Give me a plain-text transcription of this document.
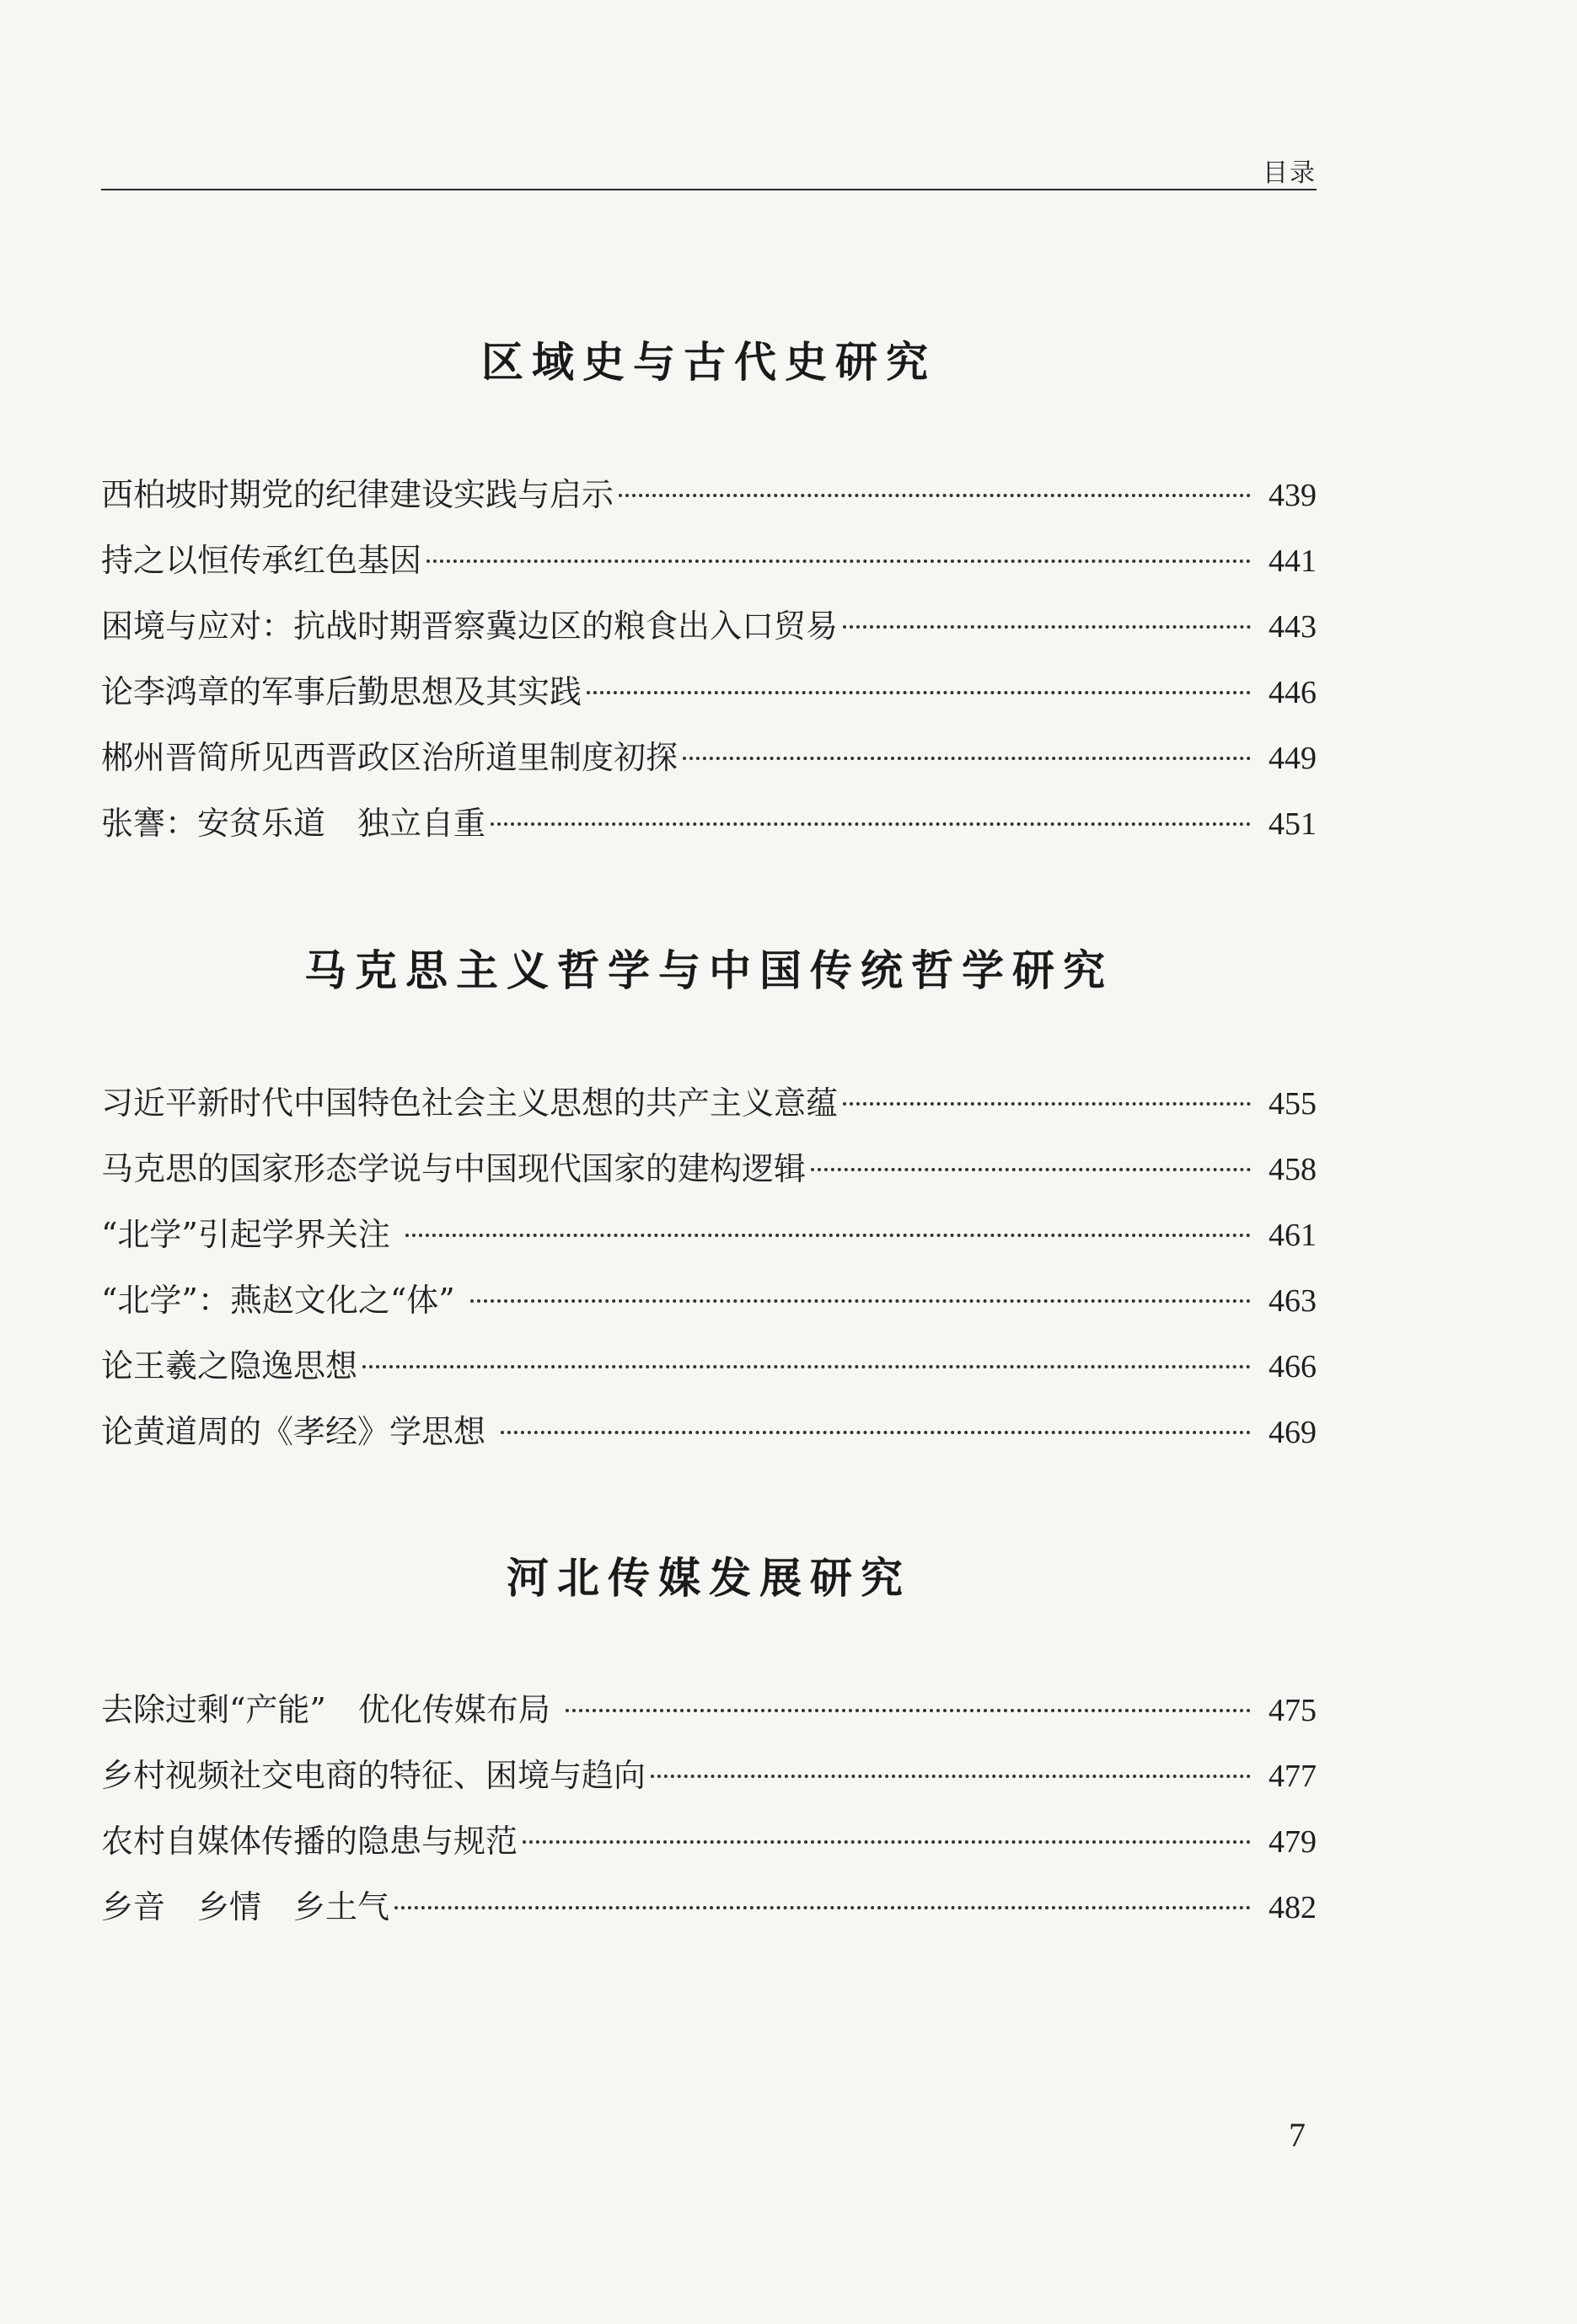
目录
区域史与古代史研究
西柏坡时期党的纪律建设实践与启示	439
持之以恒传承红色基因	441
困境与应对：抗战时期晋察冀边区的粮食出入口贸易	443
论李鸿章的军事后勤思想及其实践	446
郴州晋简所见西晋政区治所道里制度初探	449
张謇：安贫乐道　独立自重	451
马克思主义哲学与中国传统哲学研究
习近平新时代中国特色社会主义思想的共产主义意蕴	455
马克思的国家形态学说与中国现代国家的建构逻辑	458
“北学”引起学界关注	461
“北学”：燕赵文化之“体”	463
论王羲之隐逸思想	466
论黄道周的《孝经》学思想	469
河北传媒发展研究
去除过剩“产能”　优化传媒布局	475
乡村视频社交电商的特征、困境与趋向	477
农村自媒体传播的隐患与规范	479
乡音　乡情　乡土气	482
7
